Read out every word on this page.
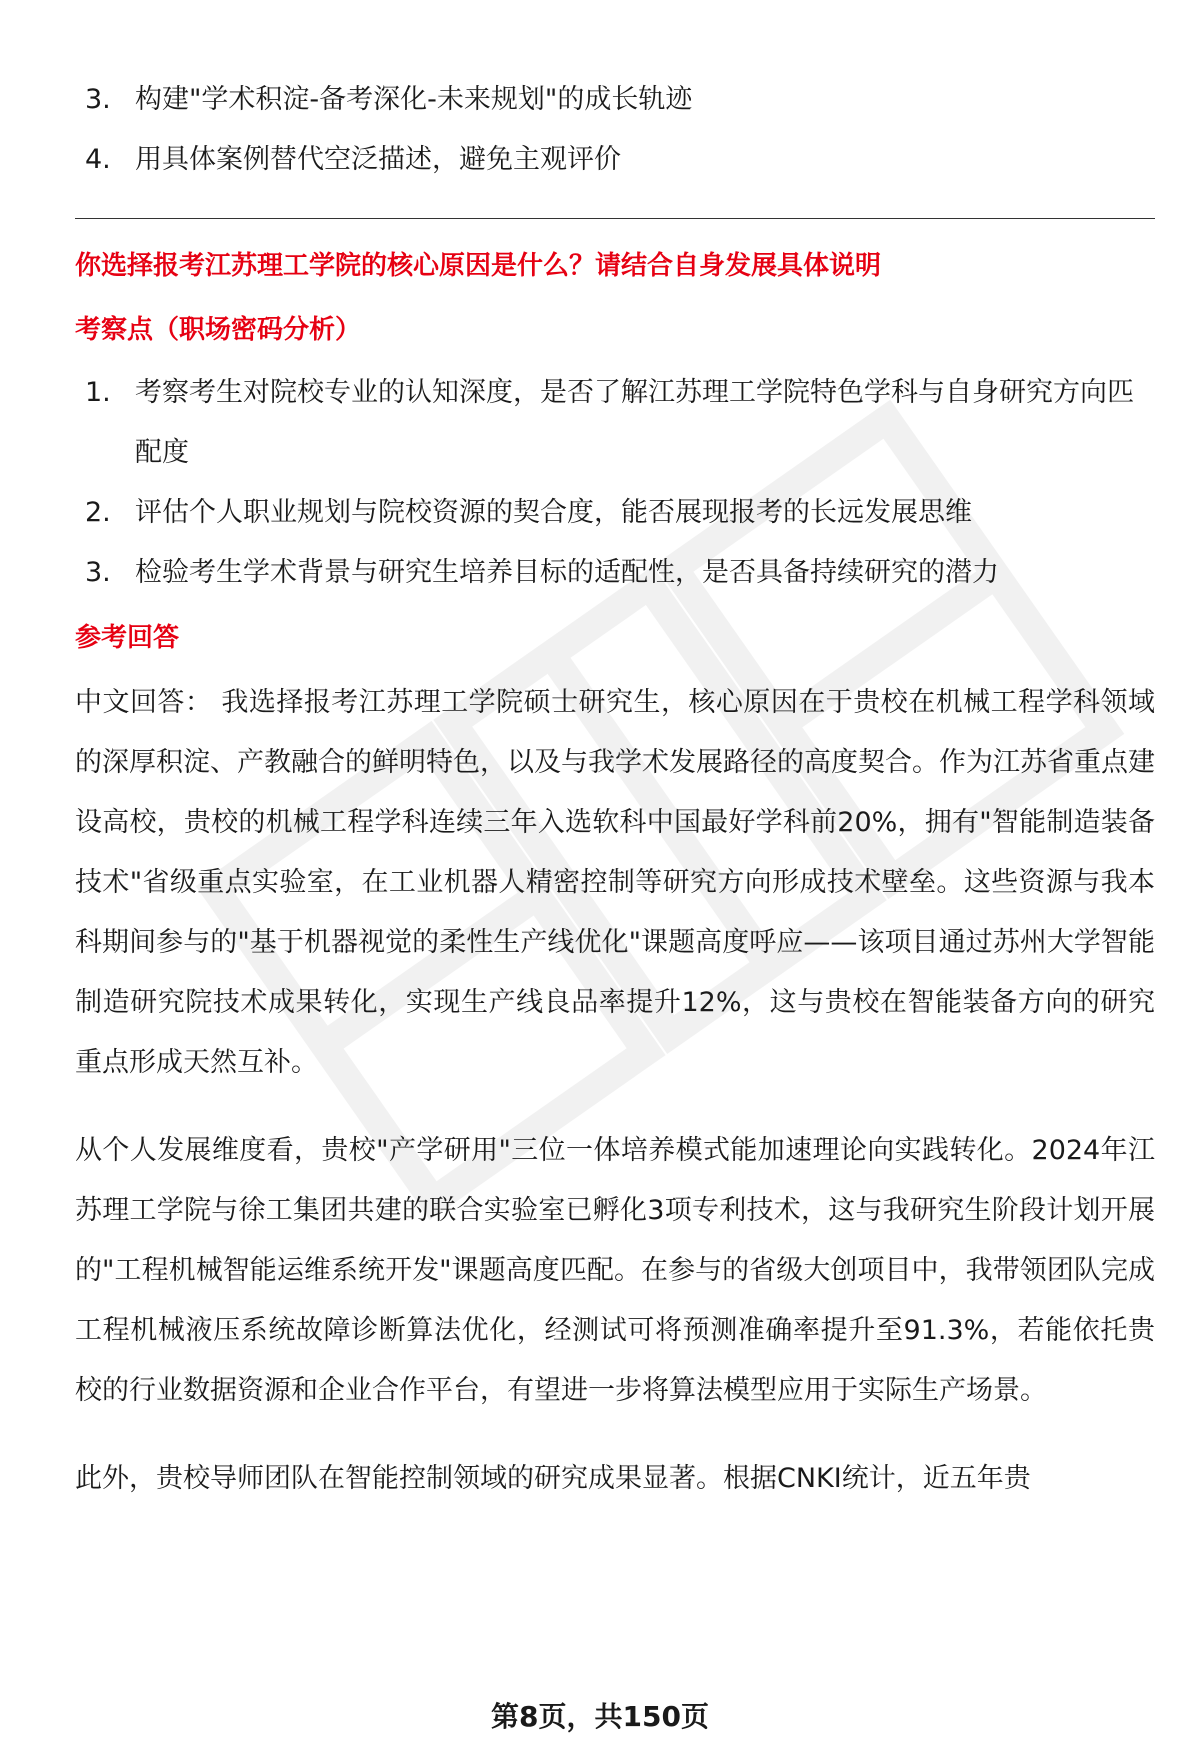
3. 构建"学术积淀-备考深化-未来规划"的成长轨迹
4. 用具体案例替代空泛描述，避免主观评价

你选择报考江苏理工学院的核心原因是什么？请结合自身发展具体说明

考察点（职场密码分析）

1. 考察考生对院校专业的认知深度，是否了解江苏理工学院特色学科与自身研究方向匹配度
2. 评估个人职业规划与院校资源的契合度，能否展现报考的长远发展思维
3. 检验考生学术背景与研究生培养目标的适配性，是否具备持续研究的潜力

参考回答

中文回答： 我选择报考江苏理工学院硕士研究生，核心原因在于贵校在机械工程学科领域的深厚积淀、产教融合的鲜明特色，以及与我学术发展路径的高度契合。作为江苏省重点建设高校，贵校的机械工程学科连续三年入选软科中国最好学科前20%，拥有"智能制造装备技术"省级重点实验室，在工业机器人精密控制等研究方向形成技术壁垒。这些资源与我本科期间参与的"基于机器视觉的柔性生产线优化"课题高度呼应——该项目通过苏州大学智能制造研究院技术成果转化，实现生产线良品率提升12%，这与贵校在智能装备方向的研究重点形成天然互补。

从个人发展维度看，贵校"产学研用"三位一体培养模式能加速理论向实践转化。2024年江苏理工学院与徐工集团共建的联合实验室已孵化3项专利技术，这与我研究生阶段计划开展的"工程机械智能运维系统开发"课题高度匹配。在参与的省级大创项目中，我带领团队完成工程机械液压系统故障诊断算法优化，经测试可将预测准确率提升至91.3%，若能依托贵校的行业数据资源和企业合作平台，有望进一步将算法模型应用于实际生产场景。

此外，贵校导师团队在智能控制领域的研究成果显著。根据CNKI统计，近五年贵

第8页，共150页
